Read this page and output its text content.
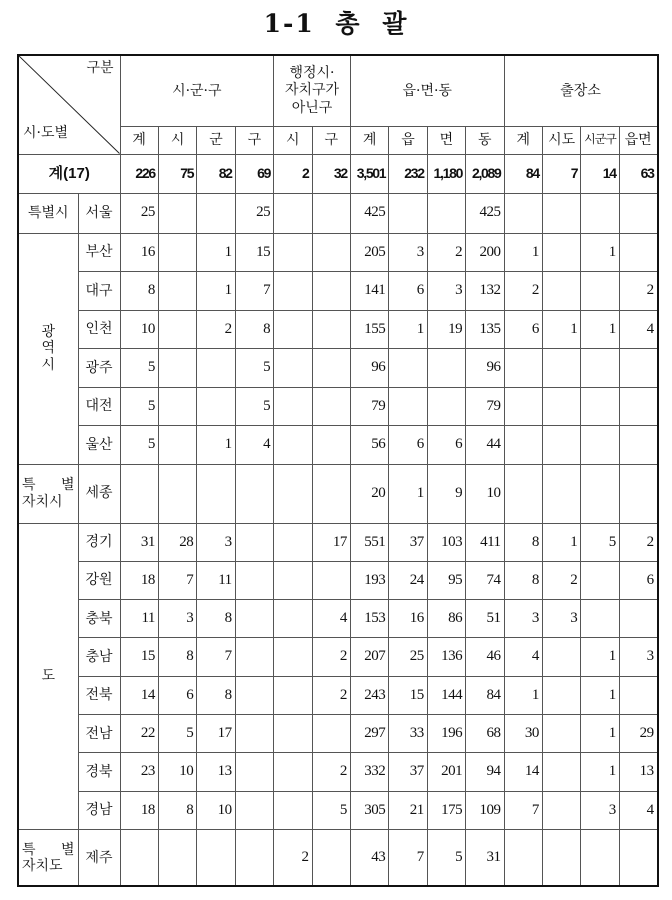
1-1 총 괄
구분
시·도별		시·군·구				행정시·
자치구가
아닌구		읍·면·동				출장소			
		계	시	군	구	시	구	계	읍	면	동	계	시도	시군구	읍면
계(17)		226	75	82	69	2	32	3,501	232	1,180	2,089	84	7	14	63
특별시	서울	25			25			425			425				

광
역
시	부산	16		1	15			205	3	2	200	1		1	
	대구	8		1	7			141	6	3	132	2			2
	인천	10		2	8			155	1	19	135	6	1	1	4
	광주	5			5			96			96				
	대전	5			5			79			79				
	울산	5		1	4			56	6	6	44				

특 별
자치시	세종							20	1	9	10				
도	경기	31	28	3			17	551	37	103	411	8	1	5	2
	강원	18	7	11				193	24	95	74	8	2		6
	충북	11	3	8			4	153	16	86	51	3	3		
	충남	15	8	7			2	207	25	136	46	4		1	3
	전북	14	6	8			2	243	15	144	84	1		1	
	전남	22	5	17				297	33	196	68	30		1	29
	경북	23	10	13			2	332	37	201	94	14		1	13
	경남	18	8	10			5	305	21	175	109	7		3	4

특 별
자치도	제주					2		43	7	5	31				
